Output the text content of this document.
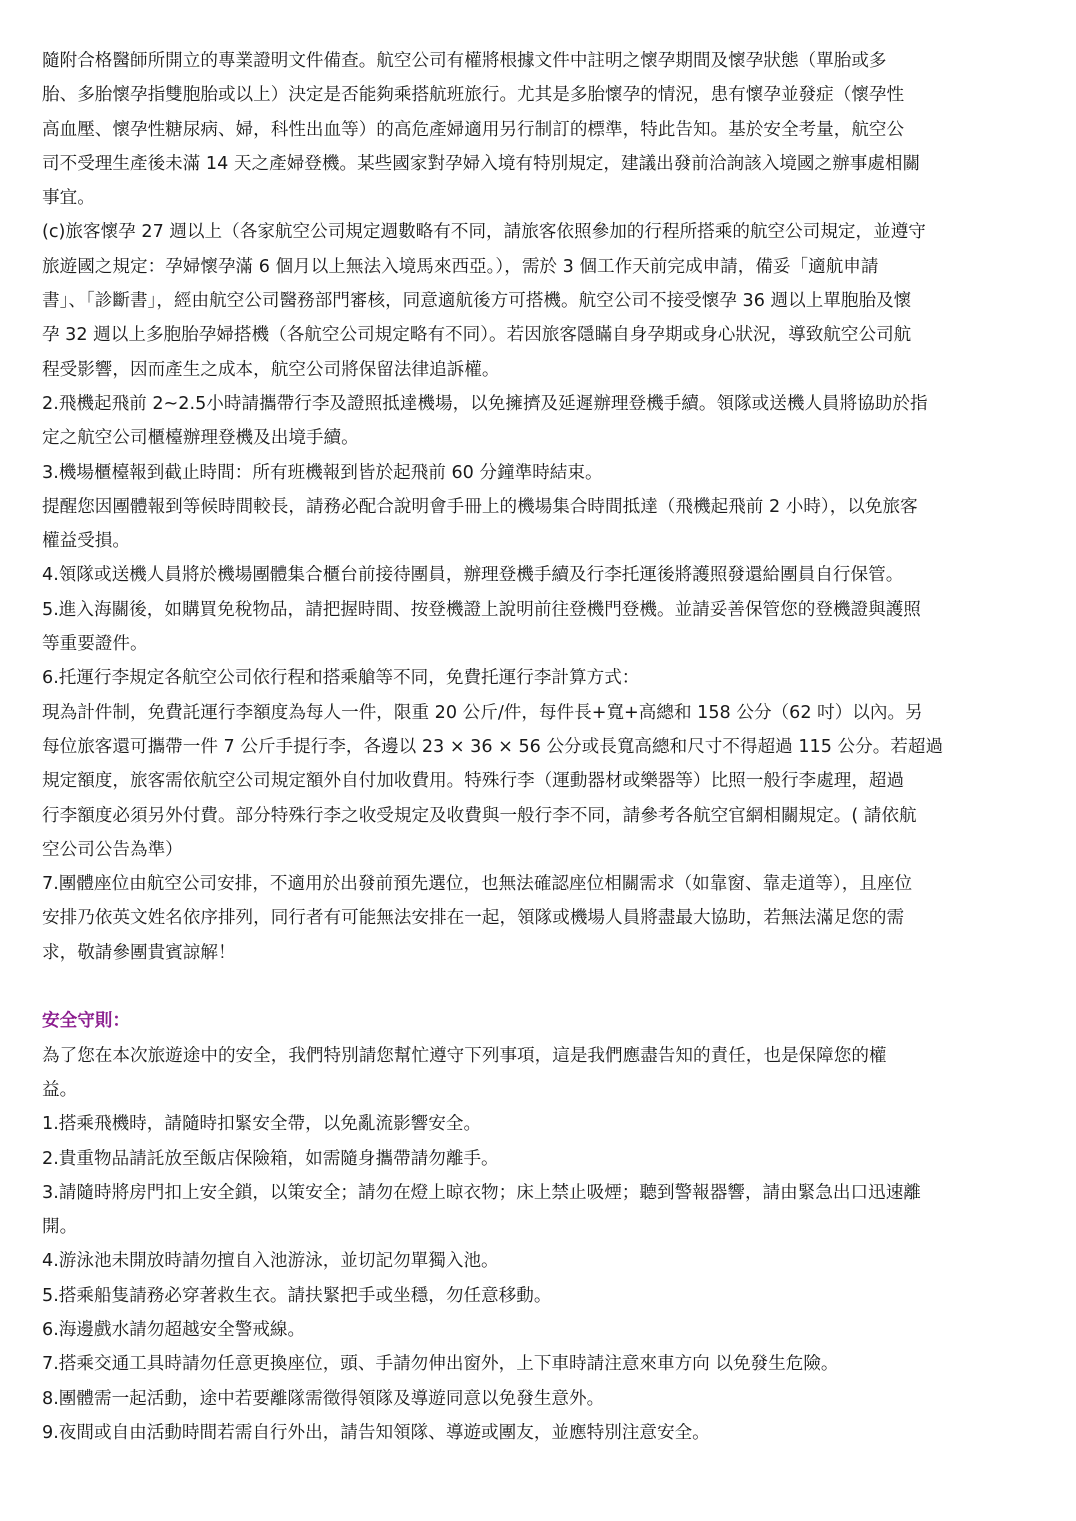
隨附合格醫師所開立的專業證明文件備查。航空公司有權將根據文件中註明之懷孕期間及懷孕狀態（單胎或多
胎、多胎懷孕指雙胞胎或以上）決定是否能夠乘搭航班旅行。尤其是多胎懷孕的情況，患有懷孕並發症（懷孕性
高血壓、懷孕性糖尿病、婦，科性出血等）的高危產婦適用另行制訂的標準，特此告知。基於安全考量，航空公
司不受理生產後未滿 14 天之產婦登機。某些國家對孕婦入境有特別規定，建議出發前洽詢該入境國之辦事處相關
事宜。
(c)旅客懷孕 27 週以上（各家航空公司規定週數略有不同，請旅客依照參加的行程所搭乘的航空公司規定，並遵守
旅遊國之規定：孕婦懷孕滿 6 個月以上無法入境馬來西亞。），需於 3 個工作天前完成申請，備妥「適航申請
書」、「診斷書」，經由航空公司醫務部門審核，同意適航後方可搭機。航空公司不接受懷孕 36 週以上單胞胎及懷
孕 32 週以上多胞胎孕婦搭機（各航空公司規定略有不同）。若因旅客隱瞞自身孕期或身心狀況，導致航空公司航
程受影響，因而產生之成本，航空公司將保留法律追訴權。
2.飛機起飛前 2~2.5小時請攜帶行李及證照抵達機場，以免擁擠及延遲辦理登機手續。領隊或送機人員將協助於指
定之航空公司櫃檯辦理登機及出境手續。
3.機場櫃檯報到截止時間：所有班機報到皆於起飛前 60 分鐘準時結束。
提醒您因團體報到等候時間較長，請務必配合說明會手冊上的機場集合時間抵達（飛機起飛前 2 小時），以免旅客
權益受損。
4.領隊或送機人員將於機場團體集合櫃台前接待團員，辦理登機手續及行李托運後將護照發還給團員自行保管。
5.進入海關後，如購買免稅物品，請把握時間、按登機證上說明前往登機門登機。並請妥善保管您的登機證與護照
等重要證件。
6.托運行李規定各航空公司依行程和搭乘艙等不同，免費托運行李計算方式：
現為計件制，免費託運行李額度為每人一件，限重 20 公斤/件，每件長+寬+高總和 158 公分（62 吋）以內。另
每位旅客還可攜帶一件 7 公斤手提行李，各邊以 23 × 36 × 56 公分或長寬高總和尺寸不得超過 115 公分。若超過
規定額度，旅客需依航空公司規定額外自付加收費用。特殊行李（運動器材或樂器等）比照一般行李處理，超過
行李額度必須另外付費。部分特殊行李之收受規定及收費與一般行李不同，請參考各航空官網相關規定。( 請依航
空公司公告為準）
7.團體座位由航空公司安排，不適用於出發前預先選位，也無法確認座位相關需求（如靠窗、靠走道等），且座位
安排乃依英文姓名依序排列，同行者有可能無法安排在一起，領隊或機場人員將盡最大協助，若無法滿足您的需
求，敬請參團貴賓諒解！
安全守則：
為了您在本次旅遊途中的安全，我們特別請您幫忙遵守下列事項，這是我們應盡告知的責任，也是保障您的權
益。
1.搭乘飛機時，請隨時扣緊安全帶，以免亂流影響安全。
2.貴重物品請託放至飯店保險箱，如需隨身攜帶請勿離手。
3.請隨時將房門扣上安全鎖，以策安全；請勿在燈上晾衣物；床上禁止吸煙；聽到警報器響，請由緊急出口迅速離
開。
4.游泳池未開放時請勿擅自入池游泳，並切記勿單獨入池。
5.搭乘船隻請務必穿著救生衣。請扶緊把手或坐穩，勿任意移動。
6.海邊戲水請勿超越安全警戒線。
7.搭乘交通工具時請勿任意更換座位，頭、手請勿伸出窗外，上下車時請注意來車方向 以免發生危險。
8.團體需一起活動，途中若要離隊需徵得領隊及導遊同意以免發生意外。
9.夜間或自由活動時間若需自行外出，請告知領隊、導遊或團友，並應特別注意安全。
